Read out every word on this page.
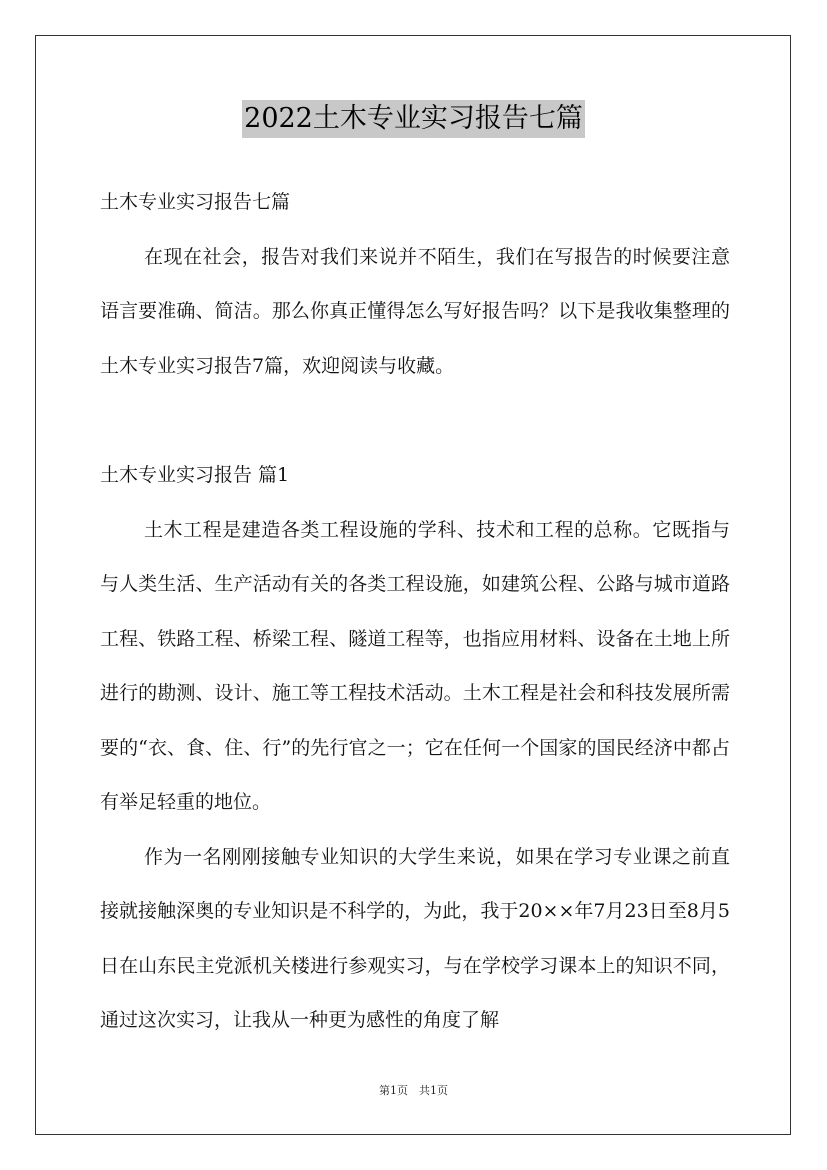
2022土木专业实习报告七篇

土木专业实习报告七篇

在现在社会，报告对我们来说并不陌生，我们在写报告的时候要注意语言要准确、简洁。那么你真正懂得怎么写好报告吗？以下是我收集整理的土木专业实习报告7篇，欢迎阅读与收藏。

土木专业实习报告 篇1

土木工程是建造各类工程设施的学科、技术和工程的总称。它既指与与人类生活、生产活动有关的各类工程设施，如建筑公程、公路与城市道路工程、铁路工程、桥梁工程、隧道工程等，也指应用材料、设备在土地上所进行的勘测、设计、施工等工程技术活动。土木工程是社会和科技发展所需要的“衣、食、住、行”的先行官之一；它在任何一个国家的国民经济中都占有举足轻重的地位。

作为一名刚刚接触专业知识的大学生来说，如果在学习专业课之前直接就接触深奥的专业知识是不科学的，为此，我于20××年7月23日至8月5日在山东民主党派机关楼进行参观实习，与在学校学习课本上的知识不同，通过这次实习，让我从一种更为感性的角度了解

第1页　共1页
